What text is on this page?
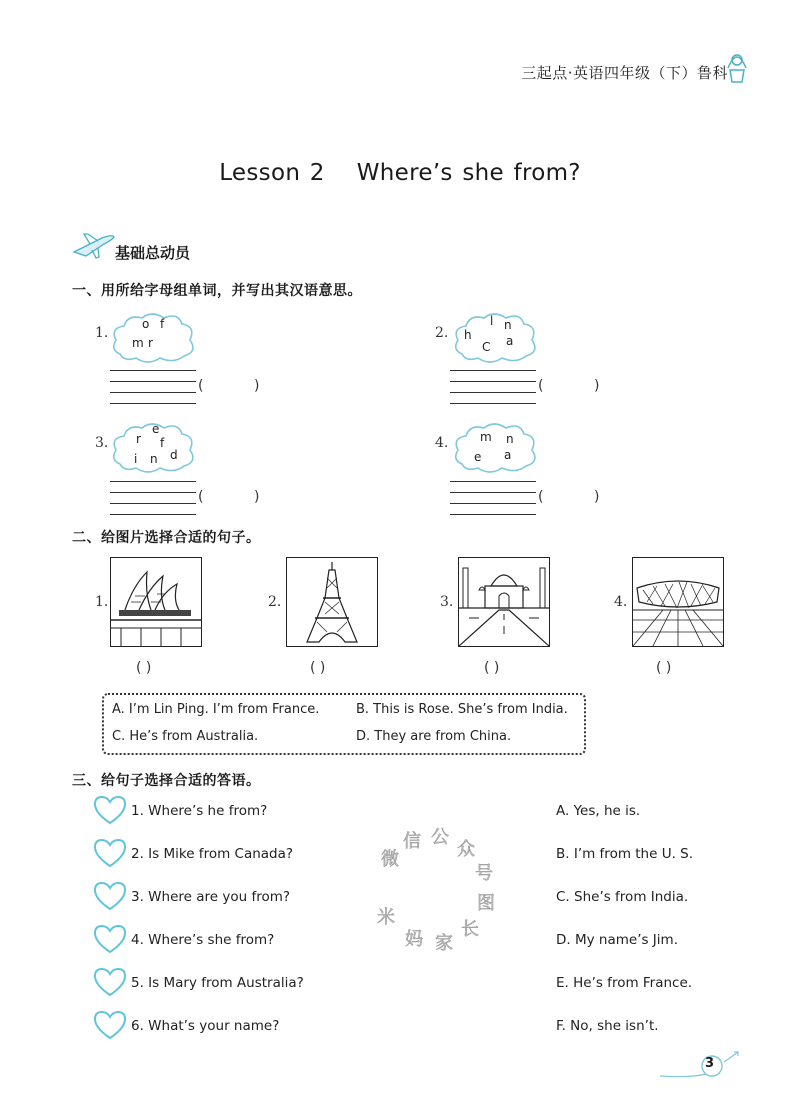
三起点·英语四年级（下）鲁科
Lesson 2 Where’s she from?
基础总动员
一、用所给字母组单词，并写出其汉语意思。
1.
o f
m r
(	)
2.
l n
h	a
C
(	)
3.
e
r f
i n d
(	)
4.	m n
e a
(	)
二、给图片选择合适的句子。
1.
( )
2.
( )
3.
( )
4.
( )
A. I’m Lin Ping. I’m from France.	B. This is Rose. She’s from India.
C. He’s from Australia.	D. They are from China.
三、给句子选择合适的答语。
1. Where’s he from?	A. Yes, he is.
2. Is Mike from Canada?	B. I’m from the U. S.
3. Where are you from?	C. She’s from India.
4. Where’s she from?	D. My name’s Jim.
5. Is Mary from Australia?	E. He’s from France.
6. What’s your name?	F. No, she isn’t.
微
信 公
众
号
图
长
家
妈
米
3
